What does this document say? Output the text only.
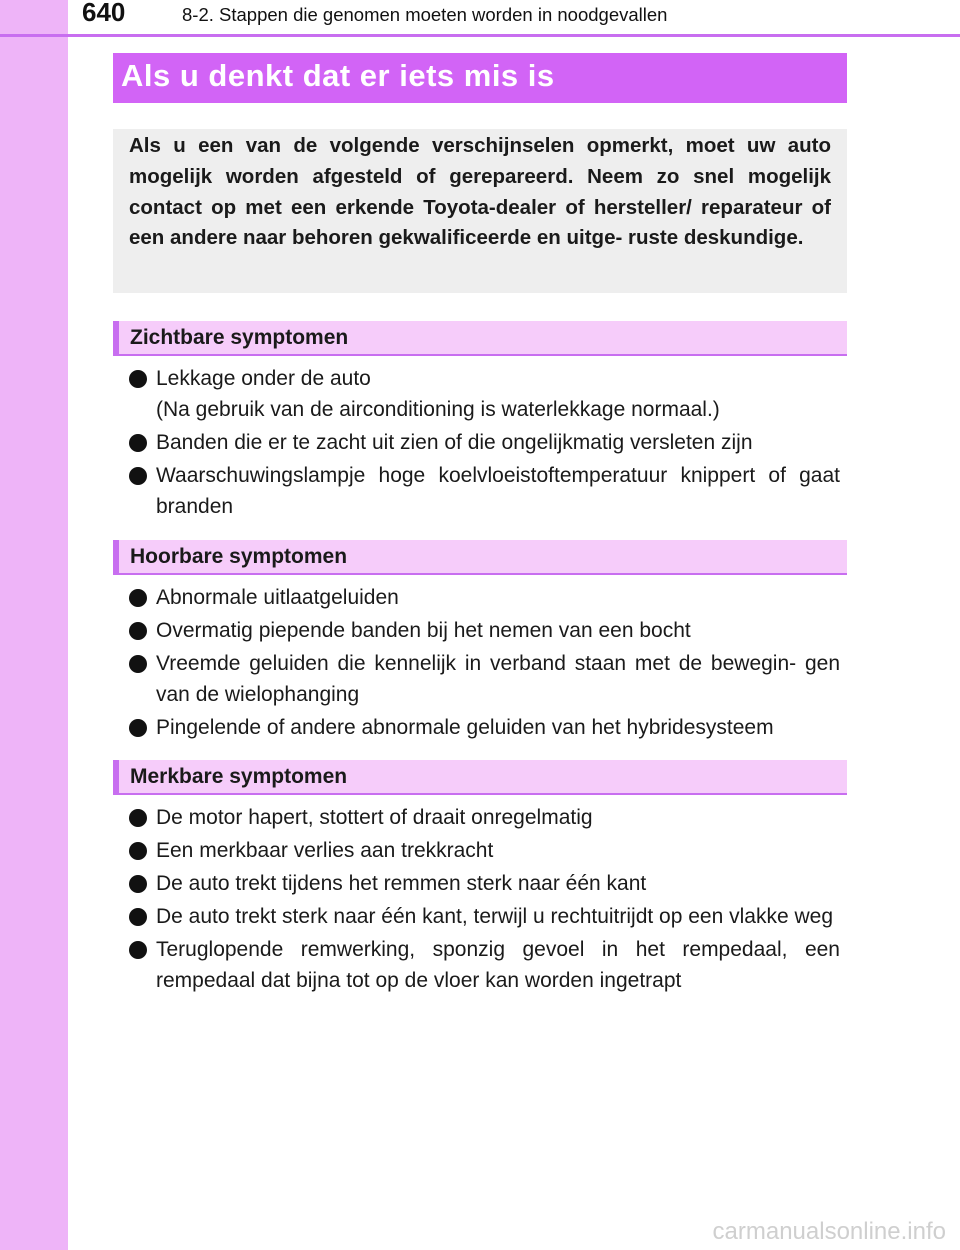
640	8-2. Stappen die genomen moeten worden in noodgevallen
Als u denkt dat er iets mis is
Als u een van de volgende verschijnselen opmerkt, moet uw auto mogelijk worden afgesteld of gerepareerd. Neem zo snel mogelijk contact op met een erkende Toyota-dealer of hersteller/ reparateur of een andere naar behoren gekwalificeerde en uitge- ruste deskundige.
Zichtbare symptomen
Lekkage onder de auto
(Na gebruik van de airconditioning is waterlekkage normaal.)
Banden die er te zacht uit zien of die ongelijkmatig versleten zijn
Waarschuwingslampje hoge koelvloeistoftemperatuur knippert of gaat branden
Hoorbare symptomen
Abnormale uitlaatgeluiden
Overmatig piepende banden bij het nemen van een bocht
Vreemde geluiden die kennelijk in verband staan met de bewegin- gen van de wielophanging
Pingelende of andere abnormale geluiden van het hybridesysteem
Merkbare symptomen
De motor hapert, stottert of draait onregelmatig
Een merkbaar verlies aan trekkracht
De auto trekt tijdens het remmen sterk naar één kant
De auto trekt sterk naar één kant, terwijl u rechtuitrijdt op een vlakke weg
Teruglopende remwerking, sponzig gevoel in het rempedaal, een rempedaal dat bijna tot op de vloer kan worden ingetrapt
carmanualsonline.info
